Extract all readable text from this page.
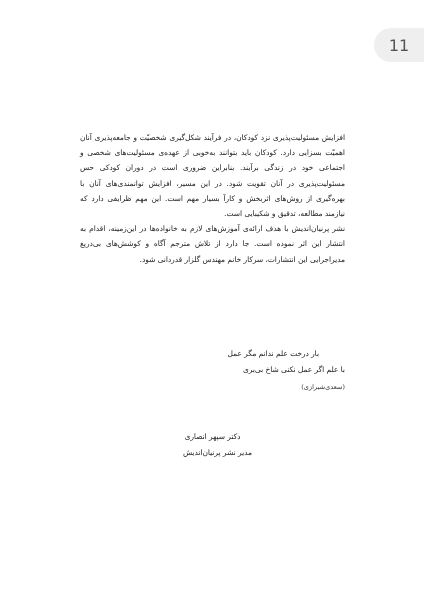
11

افزایش مسئولیت‌پذیری نزد کودکان، در فرآیند شکل‌گیری شخصیّت و جامعه‌پذیری آنان اهمیّت بسزایی دارد. کودکان باید بتوانند به‌خوبی از عهده‌ی مسئولیت‌های شخصی و اجتماعی خود در زندگی برآیند. بنابراین ضروری است در دوران کودکی حس مسئولیت‌پذیری در آنان تقویت شود. در این مسیر، افزایش توانمندی‌های آنان با بهره‌گیری از روش‌های اثربخش و کارآ بسیار مهم است. این مهم ظرایفی دارد که نیازمند مطالعه، تدقیق و شکیبایی است.

نشر پرنیان‌اندیش با هدف ارائه‌ی آموزش‌های لازم به خانواده‌ها در این‌زمینه، اقدام به انتشار این اثر نموده است. جا دارد از تلاش مترجم آگاه و کوشش‌های بی‌دریغ مدیراجرایی این انتشارات، سرکار خانم مهندس گلزار قدردانی شود.

بار درخت علم ندانم مگر عمل
با علم اگر عمل نکنی شاخ بی‌بری
(سعدی‌شیرازی)
دکتر سپهر انصاری
مدیر نشر پرنیان‌اندیش
